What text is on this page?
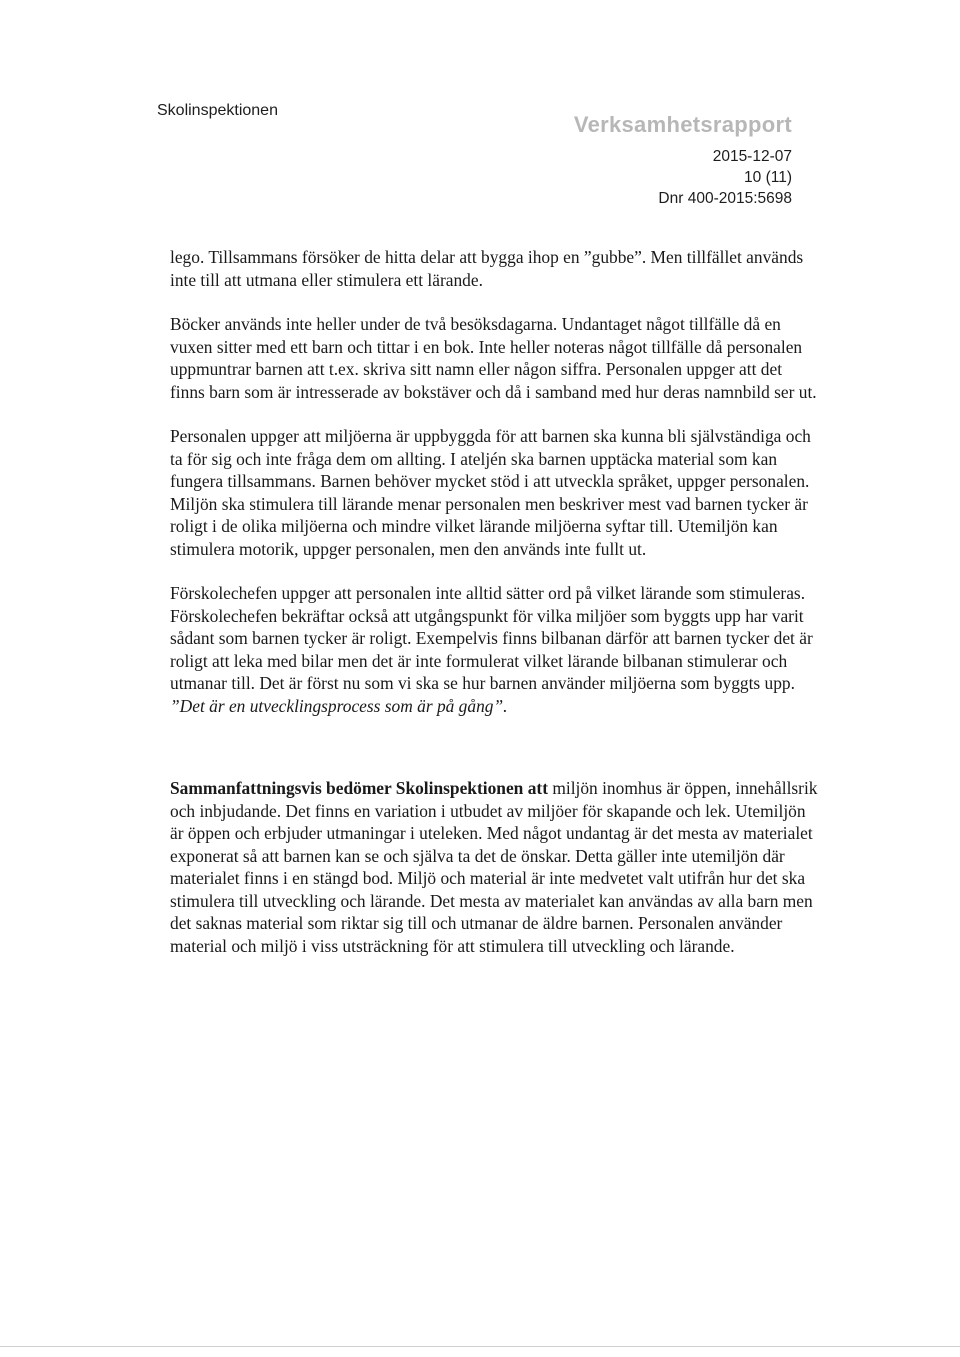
Skolinspektionen
Verksamhetsrapport
2015-12-07
10 (11)
Dnr 400-2015:5698

lego. Tillsammans försöker de hitta delar att bygga ihop en ”gubbe”. Men tillfället används inte till att utmana eller stimulera ett lärande.

Böcker används inte heller under de två besöksdagarna. Undantaget något tillfälle då en vuxen sitter med ett barn och tittar i en bok. Inte heller noteras något tillfälle då personalen uppmuntrar barnen att t.ex. skriva sitt namn eller någon siffra. Personalen uppger att det finns barn som är intresserade av bokstäver och då i samband med hur deras namnbild ser ut.

Personalen uppger att miljöerna är uppbyggda för att barnen ska kunna bli självständiga och ta för sig och inte fråga dem om allting. I ateljén ska barnen upptäcka material som kan fungera tillsammans. Barnen behöver mycket stöd i att utveckla språket, uppger personalen. Miljön ska stimulera till lärande menar personalen men beskriver mest vad barnen tycker är roligt i de olika miljöerna och mindre vilket lärande miljöerna syftar till. Utemiljön kan stimulera motorik, uppger personalen, men den används inte fullt ut.

Förskolechefen uppger att personalen inte alltid sätter ord på vilket lärande som stimuleras. Förskolechefen bekräftar också att utgångspunkt för vilka miljöer som byggts upp har varit sådant som barnen tycker är roligt. Exempelvis finns bilbanan därför att barnen tycker det är roligt att leka med bilar men det är inte formulerat vilket lärande bilbanan stimulerar och utmanar till. Det är först nu som vi ska se hur barnen använder miljöerna som byggts upp. ”Det är en utvecklingsprocess som är på gång”.

Sammanfattningsvis bedömer Skolinspektionen att miljön inomhus är öppen, innehållsrik och inbjudande. Det finns en variation i utbudet av miljöer för skapande och lek. Utemiljön är öppen och erbjuder utmaningar i uteleken. Med något undantag är det mesta av materialet exponerat så att barnen kan se och själva ta det de önskar. Detta gäller inte utemiljön där materialet finns i en stängd bod. Miljö och material är inte medvetet valt utifrån hur det ska stimulera till utveckling och lärande. Det mesta av materialet kan användas av alla barn men det saknas material som riktar sig till och utmanar de äldre barnen. Personalen använder material och miljö i viss utsträckning för att stimulera till utveckling och lärande.
